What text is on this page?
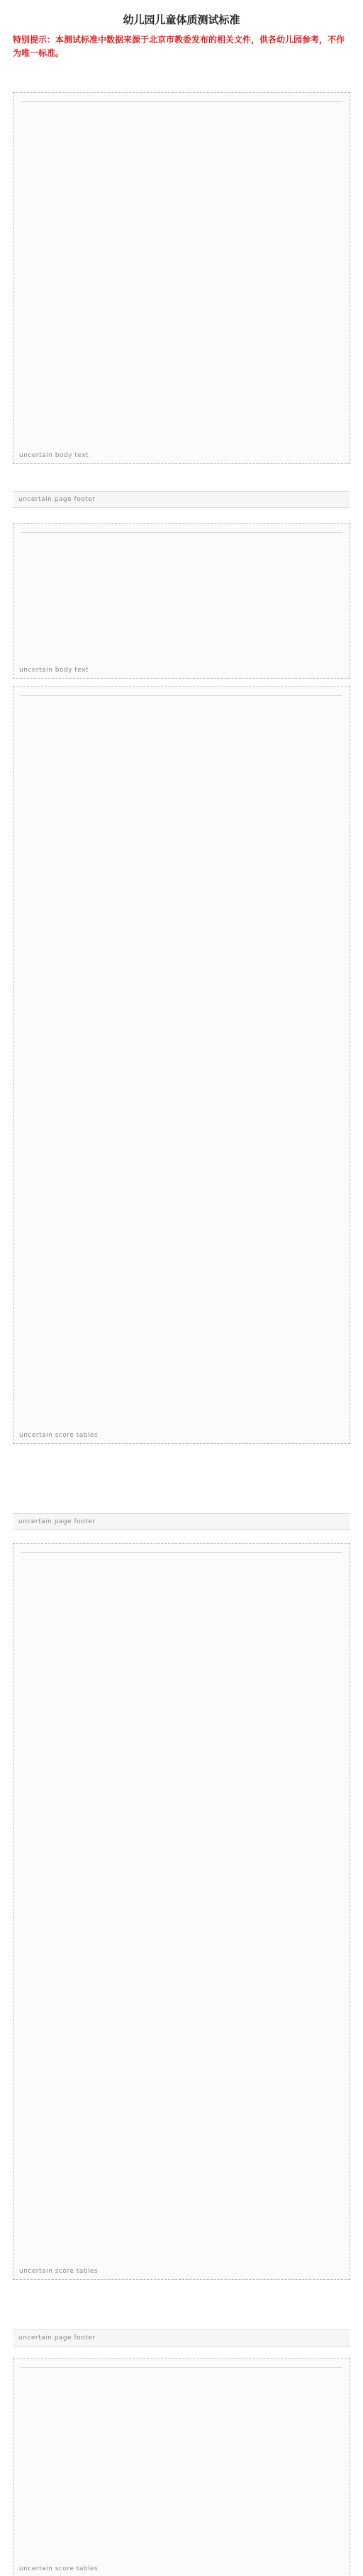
幼儿园儿童体质测试标准

特别提示：本测试标准中数据来源于北京市教委发布的相关文件，供各幼儿园参考，不作为唯一标准。

uncertain body text
uncertain page footer
uncertain body text
uncertain score tables
uncertain page footer
uncertain score tables
uncertain page footer
uncertain score tables
